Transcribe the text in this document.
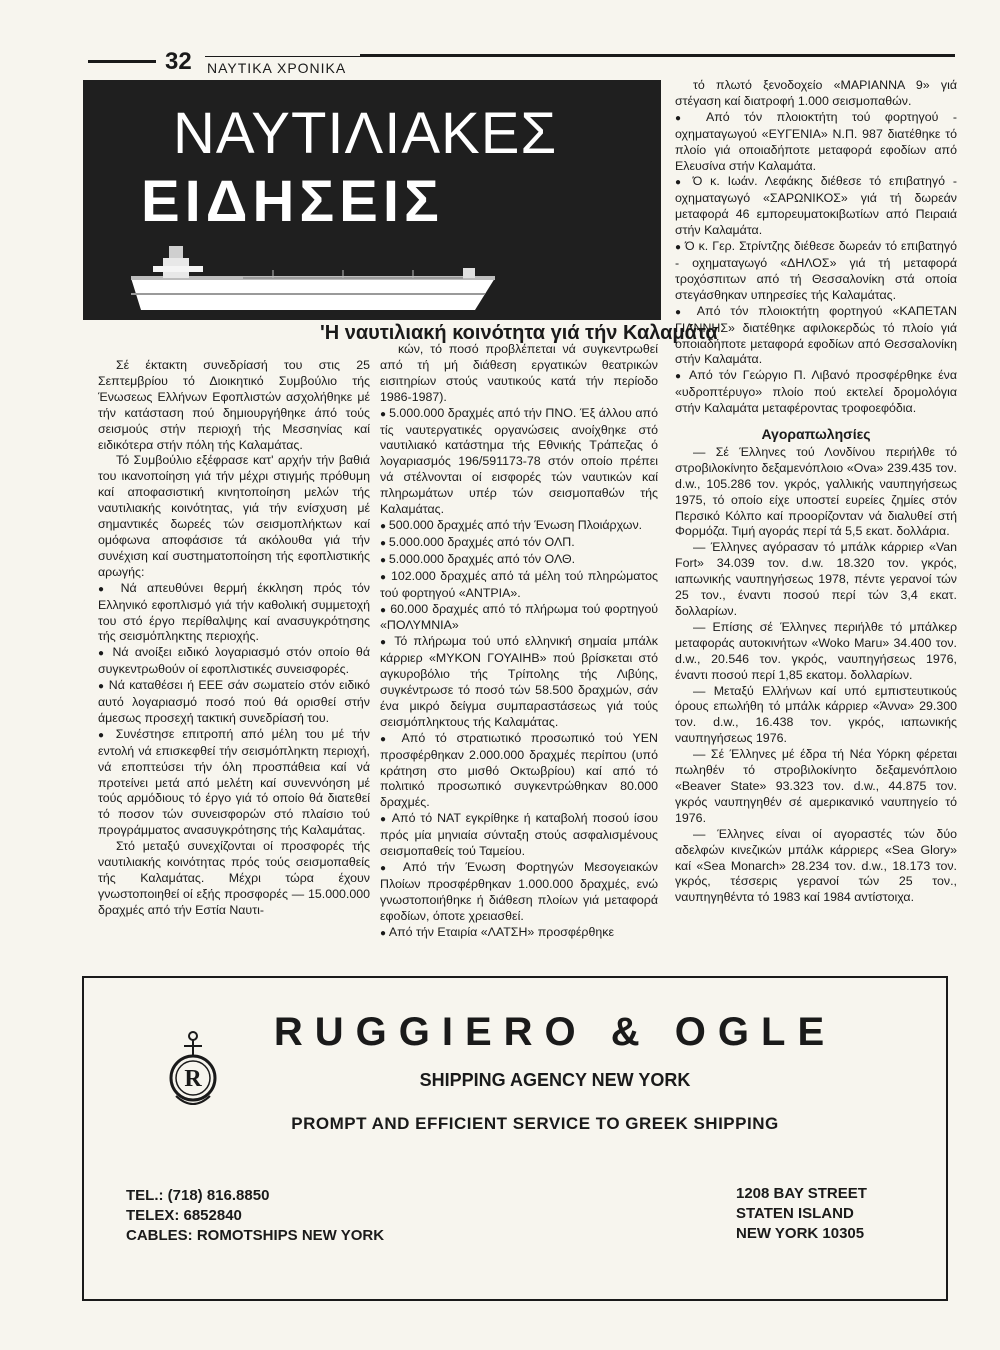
32 ΝΑΥΤΙΚΑ ΧΡΟΝΙΚΑ
ΝΑΥΤΙΛΙΑΚΕΣ
ΕΙΔΗΣΕΙΣ
'Η ναυτιλιακή κοινότητα γιά τήν Καλαμάτα

Σέ έκτακτη συνεδρίασή του στις 25 Σεπτεμβρίου τό Διοικητικό Συμβούλιο τής Ένωσεως Ελλήνων Εφοπλιστών ασχολήθηκε μέ τήν κατάσταση πού δημιουργήθηκε άπό τούς σεισμούς στήν περιοχή τής Μεσσηνίας καί ειδικότερα στήν πόλη τής Καλαμάτας.

Τό Συμβούλιο εξέφρασε κατ' αρχήν τήν βαθιά του ικανοποίηση γιά τήν μέχρι στιγμής πρόθυμη καί αποφασιστική κινητοποίηση μελών τής ναυτιλιακής κοινότητας, γιά τήν ενίσχυση μέ σημαντικές δωρεές τών σεισμοπλήκτων καί ομόφωνα αποφάσισε τά ακόλουθα γιά τήν συνέχιση καί συστηματοποίηση τής εφοπλιστικής αρωγής:

● Νά απευθύνει θερμή έκκληση πρός τόν Ελληνικό εφοπλισμό γιά τήν καθολική συμμετοχή του στό έργο περίθαλψης καί ανασυγκρότησης τής σεισμόπληκτης περιοχής.

● Νά ανοίξει ειδικό λογαριασμό στόν οποίο θά συγκεντρωθούν οί εφοπλιστικές συνεισφορές.

● Νά καταθέσει ή ΕΕΕ σάν σωματείο στόν ειδικό αυτό λογαριασμό ποσό πού θά ορισθεί στήν άμεσως προσεχή τακτική συνεδρίασή του.

● Συνέστησε επιτροπή από μέλη του μέ τήν εντολή νά επισκεφθεί τήν σεισμόπληκτη περιοχή, νά εποπτεύσει τήν όλη προσπάθεια καί νά προτείνει μετά από μελέτη καί συνεννόηση μέ τούς αρμόδιους τό έργο γιά τό οποίο θά διατεθεί τό ποσον τών συνεισφορών στό πλαίσιο τού προγράμματος ανασυγκρότησης τής Καλαμάτας.

Στό μεταξύ συνεχίζονται οί προσφορές τής ναυτιλιακής κοινότητας πρός τούς σεισμοπαθείς τής Καλαμάτας. Μέχρι τώρα έχουν γνωστοποιηθεί οί εξής προσφορές — 15.000.000 δραχμές από τήν Εστία Ναυτι-

κών, τό ποσό προβλέπεται νά συγκεντρωθεί από τή μή διάθεση εργατικών θεατρικών εισιτηρίων στούς ναυτικούς κατά τήν περίοδο 1986-1987).

● 5.000.000 δραχμές από τήν ΠΝΟ. Έξ άλλου από τίς ναυτεργατικές οργανώσεις ανοίχθηκε στό ναυτιλιακό κατάστημα τής Εθνικής Τράπεζας ό λογαριασμός 196/591173-78 στόν οποίο πρέπει νά στέλνονται οί εισφορές τών ναυτικών καί πληρωμάτων υπέρ τών σεισμοπαθών τής Καλαμάτας.

● 500.000 δραχμές από τήν Ένωση Πλοιάρχων.

● 5.000.000 δραχμές από τόν ΟΛΠ.

● 5.000.000 δραχμές από τόν ΟΛΘ.

● 102.000 δραχμές από τά μέλη τού πληρώματος τού φορτηγού «ΑΝΤΡΙΑ».

● 60.000 δραχμές από τό πλήρωμα τού φορτηγού «ΠΟΛΥΜΝΙΑ»

● Τό πλήρωμα τού υπό ελληνική σημαία μπάλκ κάρριερ «ΜΥΚΟΝ ΓΟΥΑΙΗΒ» πού βρίσκεται στό αγκυροβόλιο τής Τρίπολης τής Λιβύης, συγκέντρωσε τό ποσό τών 58.500 δραχμών, σάν ένα μικρό δείγμα συμπαραστάσεως γιά τούς σεισμόπληκτους τής Καλαμάτας.

● Από τό στρατιωτικό προσωπικό τού ΥΕΝ προσφέρθηκαν 2.000.000 δραχμές περίπου (υπό κράτηση στο μισθό Οκτωβρίου) καί από τό πολιτικό προσωπικό συγκεντρώθηκαν 80.000 δραχμές.

● Από τό ΝΑΤ εγκρίθηκε ή καταβολή ποσού ίσου πρός μία μηνιαία σύνταξη στούς ασφαλισμένους σεισμοπαθείς τού Ταμείου.

● Από τήν Ένωση Φορτηγών Μεσογειακών Πλοίων προσφέρθηκαν 1.000.000 δραχμές, ενώ γνωστοποιήθηκε ή διάθεση πλοίων γιά μεταφορά εφοδίων, όποτε χρειασθεί.

● Από τήν Εταιρία «ΛΑΤΣΗ» προσφέρθηκε

τό πλωτό ξενοδοχείο «ΜΑΡΙΑΝΝΑ 9» γιά στέγαση καί διατροφή 1.000 σεισμοπαθών.

● Από τόν πλοιοκτήτη τού φορτηγού - οχηματαγωγού «ΕΥΓΕΝΙΑ» Ν.Π. 987 διατέθηκε τό πλοίο γιά οποιαδήποτε μεταφορά εφοδίων από Ελευσίνα στήν Καλαμάτα.

● Ό κ. Ιωάν. Λεφάκης διέθεσε τό επιβατηγό - οχηματαγωγό «ΣΑΡΩΝΙΚΟΣ» γιά τή δωρεάν μεταφορά 46 εμπορευματοκιβωτίων από Πειραιά στήν Καλαμάτα.

● Ό κ. Γερ. Στρίντζης διέθεσε δωρεάν τό επιβατηγό - οχηματαγωγό «ΔΗΛΟΣ» γιά τή μεταφορά τροχόσπιτων από τή Θεσσαλονίκη στά οποία στεγάσθηκαν υπηρεσίες τής Καλαμάτας.

● Από τόν πλοιοκτήτη φορτηγού «ΚΑΠΕΤΑΝ ΓΙΑΝΝΗΣ» διατέθηκε αφιλοκερδώς τό πλοίο γιά οποιαδήποτε μεταφορά εφοδίων από Θεσσαλονίκη στήν Καλαμάτα.

● Από τόν Γεώργιο Π. Λιβανό προσφέρθηκε ένα «υδροπτέρυγο» πλοίο πού εκτελεί δρομολόγια στήν Καλαμάτα μεταφέροντας τροφοεφόδια.

Αγοραπωλησίες

— Σέ Έλληνες τού Λονδίνου περιήλθε τό στροβιλοκίνητο δεξαμενόπλοιο «Ova» 239.435 τον. d.w., 105.286 τον. γκρός, γαλλικής ναυπηγήσεως 1975, τό οποίο είχε υποστεί ευρείες ζημίες στόν Περσικό Κόλπο καί προορίζονταν νά διαλυθεί στή Φορμόζα. Τιμή αγοράς περί τά 5,5 εκατ. δολλάρια.

— Έλληνες αγόρασαν τό μπάλκ κάρριερ «Van Fort» 34.039 τον. d.w. 18.320 τον. γκρός, ιαπωνικής ναυπηγήσεως 1978, πέντε γερανοί τών 25 τον., έναντι ποσού περί τών 3,4 εκατ. δολλαρίων.

— Επίσης σέ Έλληνες περιήλθε τό μπάλκερ μεταφοράς αυτοκινήτων «Woko Maru» 34.400 τον. d.w., 20.546 τον. γκρός, ναυπηγήσεως 1976, έναντι ποσού περί 1,85 εκατομ. δολλαρίων.

— Μεταξύ Ελλήνων καί υπό εμπιστευτικούς όρους επωλήθη τό μπάλκ κάρριερ «Άννα» 29.300 τον. d.w., 16.438 τον. γκρός, ιαπωνικής ναυπηγήσεως 1976.

— Σέ Έλληνες μέ έδρα τή Νέα Υόρκη φέρεται πωληθέν τό στροβιλοκίνητο δεξαμενόπλοιο «Beaver State» 93.323 τον. d.w., 44.875 τον. γκρός ναυπηγηθέν σέ αμερικανικό ναυπηγείο τό 1976.

— Έλληνες είναι οί αγοραστές τών δύο αδελφών κινεζικών μπάλκ κάρριερς «Sea Glory» καί «Sea Monarch» 28.234 τον. d.w., 18.173 τον. γκρός, τέσσερις γερανοί τών 25 τον., ναυπηγηθέντα τό 1983 καί 1984 αντίστοιχα.

R
RUGGIERO & OGLE
SHIPPING AGENCY NEW YORK
PROMPT AND EFFICIENT SERVICE TO GREEK SHIPPING
TEL.: (718) 816.8850
TELEX: 6852840
CABLES: ROMOTSHIPS NEW YORK
1208 BAY STREET
STATEN ISLAND
NEW YORK 10305
